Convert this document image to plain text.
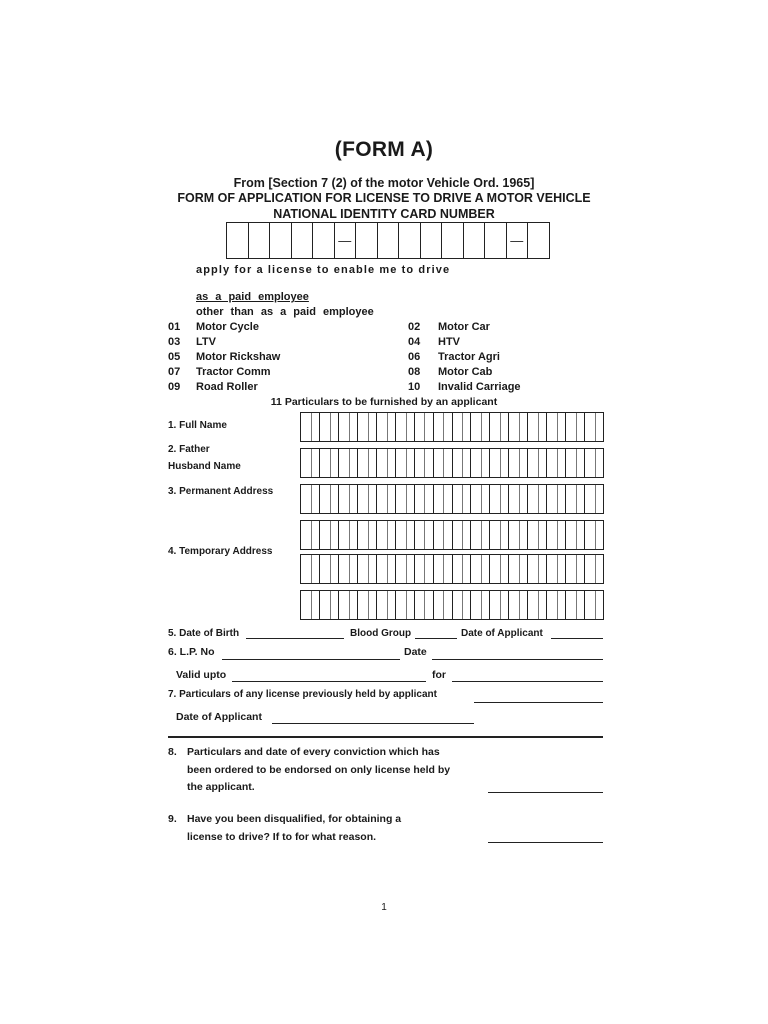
(FORM A)
From [Section 7 (2) of the motor Vehicle Ord. 1965]
FORM OF APPLICATION FOR LICENSE TO DRIVE A MOTOR VEHICLE
NATIONAL IDENTITY CARD NUMBER
—	—
apply for a license to enable me to drive
as a paid employee
other than as a paid employee
01 Motor Cycle	02 Motor Car
03 LTV	04 HTV
05 Motor Rickshaw	06 Tractor Agri
07 Tractor Comm	08 Motor Cab
09 Road Roller	10 Invalid Carriage
11 Particulars to be furnished by an applicant
1. Full Name
2. Father
Husband Name
3. Permanent Address
4. Temporary Address
5. Date of Birth	Blood Group	Date of Applicant
6. L.P. No	Date
Valid upto	for
7. Particulars of any license previously held by applicant
Date of Applicant
8. Particulars and date of every conviction which has
been ordered to be endorsed on only license held by
the applicant.
9. Have you been disqualified, for obtaining a
license to drive? If to for what reason.
1
